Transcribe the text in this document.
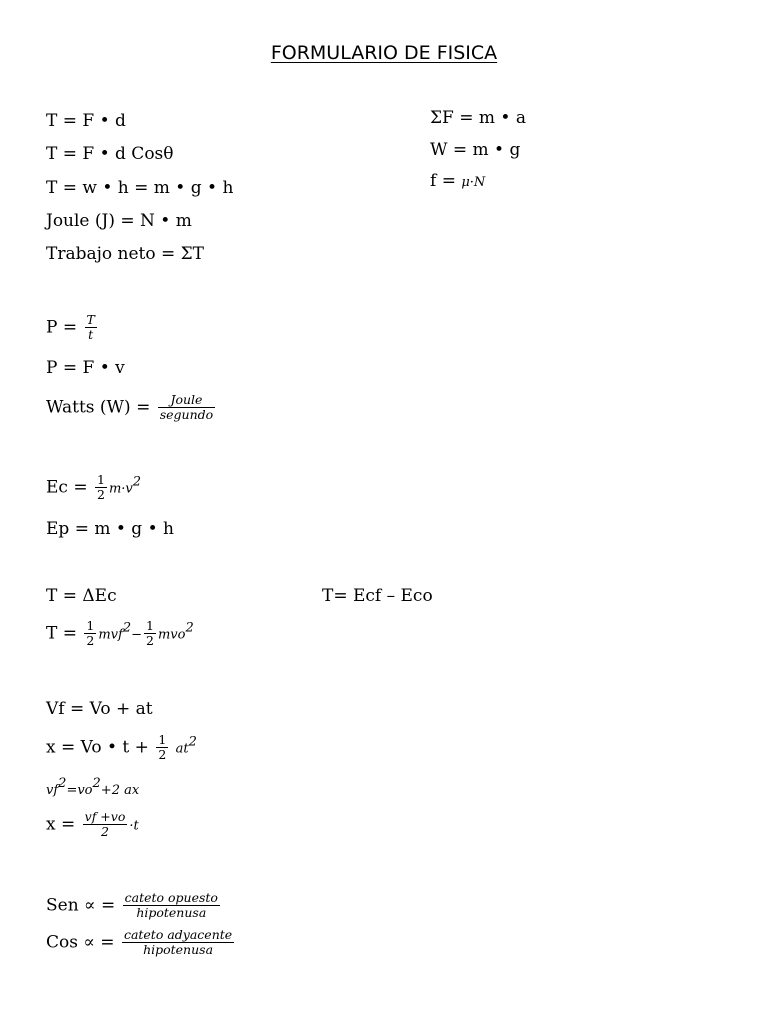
FORMULARIO DE FISICA
T = F • d
T = F • d Cosθ
T = w • h = m • g • h
Joule (J) = N • m
Trabajo neto = ΣT
ΣF = m • a
W = m • g
f = μ·N
$P = \frac{T}{t}$
P = F • v
Watts $(W) = \frac{\text{Joule}}{\text{segundo}}$
$Ec = \frac{1}{2} m\cdot v^2$
Ep = m • g • h
T = ΔEc	T= Ecf – Eco
$T = \frac{1}{2} mvf^2- \frac{1}{2} mvo^2$
Vf = Vo + at
x = Vo • $t + \frac{1}{2} at^2$
$vf^2=vo^2+2$ ax
$x = \frac{vf +vo}{2} \cdot t$
Sen ∝ = $\frac{\text{cateto opuesto}}{\text{hipotenusa}}$
Cos ∝ = $\frac{\text{cateto adyacente}}{\text{hipotenusa}}$
